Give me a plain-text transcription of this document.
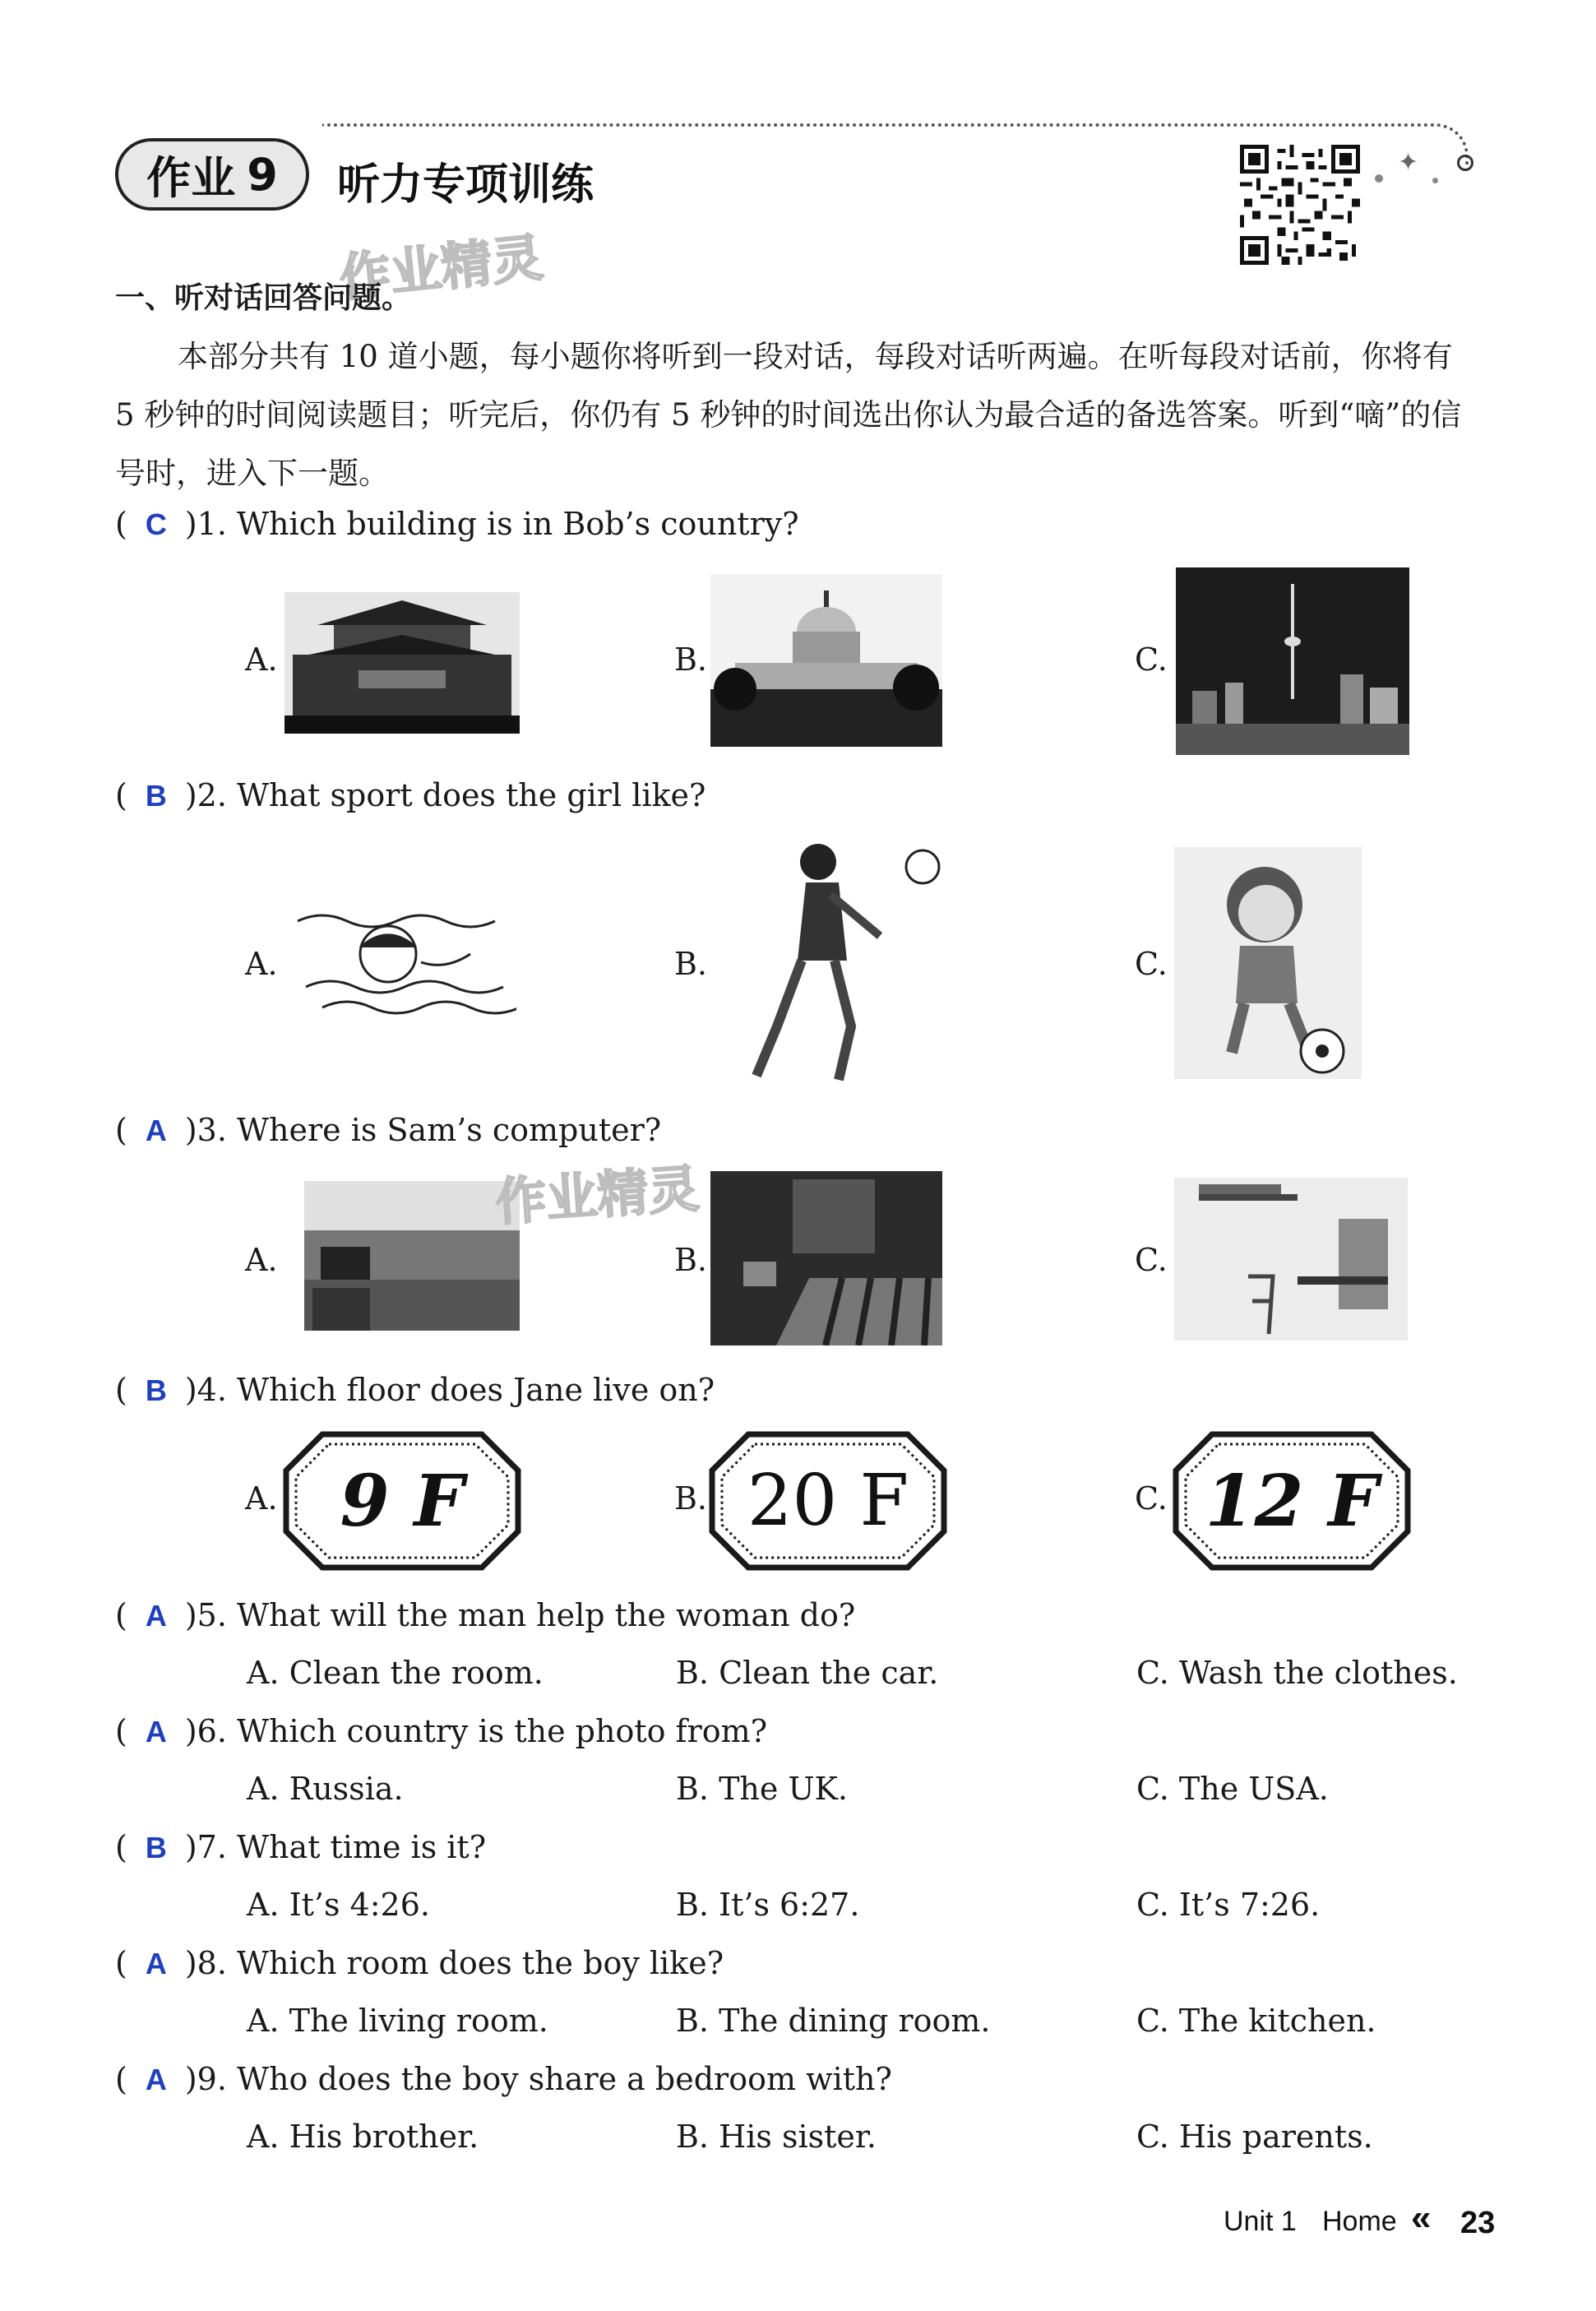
✦
作业 9 听力专项训练
作业精灵
一、听对话回答问题。
本部分共有 10 道小题，每小题你将听到一段对话，每段对话听两遍。在听每段对话前，你将有 5 秒钟的时间阅读题目；听完后，你仍有 5 秒钟的时间选出你认为最合适的备选答案。听到“嘀”的信号时，进入下一题。
( C )1. Which building is in Bob’s country?
A.	B.	C.
( B )2. What sport does the girl like?
A.	B.	C.
( A )3. Where is Sam’s computer?
A.	B.	C.
( B )4. Which floor does Jane live on?
A.	B.	C.
9 F	20 F	12 F
作业精灵
( A )5. What will the man help the woman do?
A. Clean the room.	B. Clean the car.	C. Wash the clothes.
( A )6. Which country is the photo from?
A. Russia.	B. The UK.	C. The USA.
( B )7. What time is it?
A. It’s 4:26.	B. It’s 6:27.	C. It’s 7:26.
( A )8. Which room does the boy like?
A. The living room.	B. The dining room.	C. The kitchen.
( A )9. Who does the boy share a bedroom with?
A. His brother.	B. His sister.	C. His parents.
Unit 1 Home « 23
